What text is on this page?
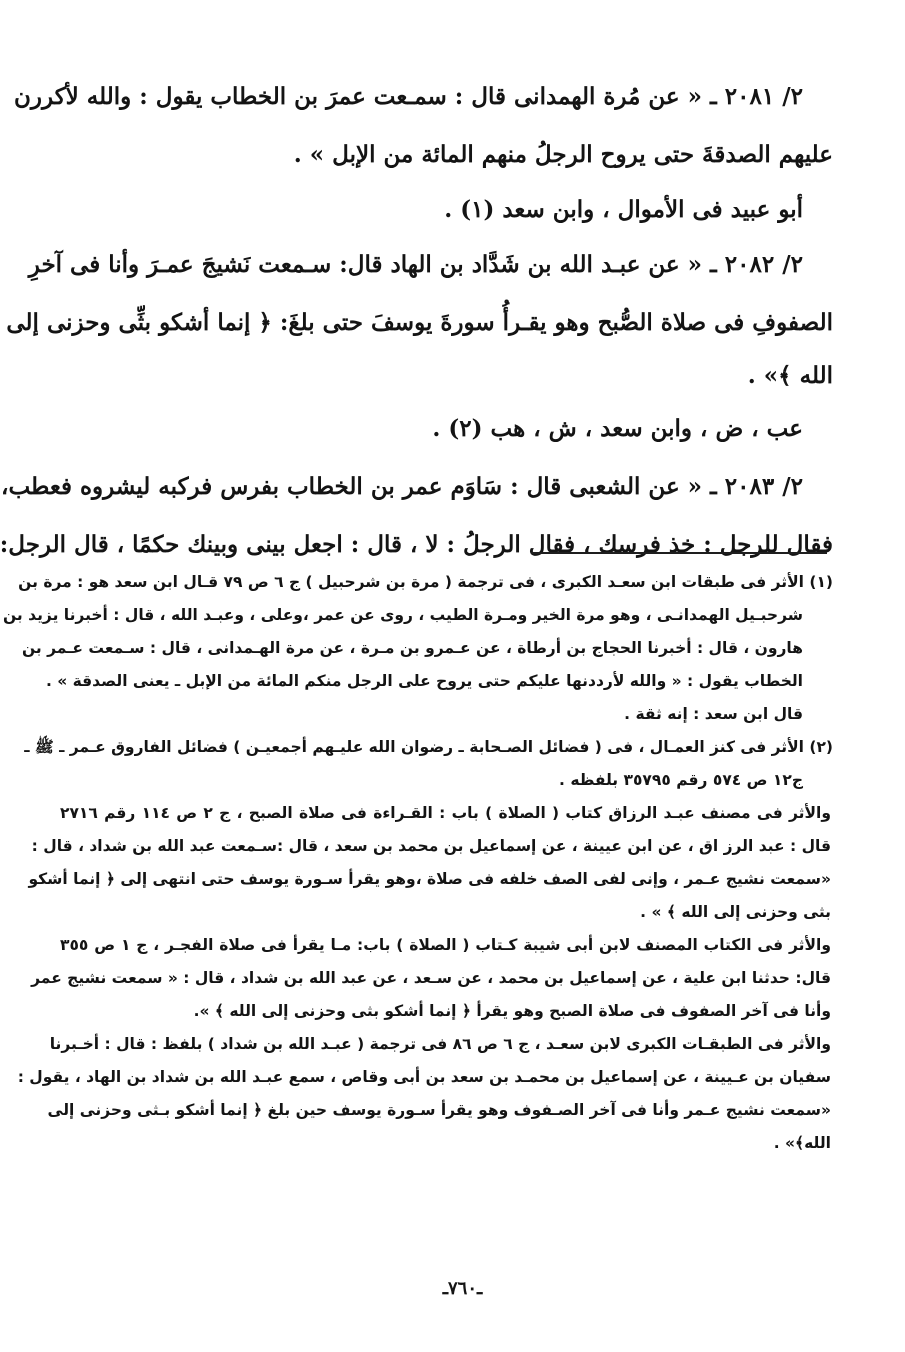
٢/ ٢٠٨١ ـ « عن مُرة الهمدانى قال : سمـعت عمرَ بن الخطاب يقول : والله لأكررن
عليهم الصدقةَ حتى يروح الرجلُ منهم المائة من الإبل » .
أبو عبيد فى الأموال ، وابن سعد (١) .
٢/ ٢٠٨٢ ـ « عن عبـد الله بن شَدَّاد بن الهاد قال: سـمعت نَشيجَ عمـرَ وأنا فى آخرِ
الصفوفِ فى صلاة الصُّبح وهو يقـرأُ سورةَ يوسفَ حتى بلغَ: ﴿ إنما أشكو بثِّى وحزنى إلى
الله ﴾» .
عب ، ض ، وابن سعد ، ش ، هب (٢) .
٢/ ٢٠٨٣ ـ « عن الشعبى قال : سَاوَم عمر بن الخطاب بفرس فركبه ليشروه فعطب،
فقال للرجل : خذ فرسك ، فقال الرجلُ : لا ، قال : اجعل بينى وبينك حكمًا ، قال الرجل:
(١) الأثر فى طبقات ابن سعـد الكبرى ، فى ترجمة ( مرة بن شرحبيل ) ج ٦ ص ٧٩ قـال ابن سعد هو : مرة بن
شرحبـيل الهمدانـى ، وهو مرة الخير ومـرة الطيب ، روى عن عمر ،وعلى ، وعبـد الله ، قال : أخبرنا يزيد بن
هارون ، قال : أخبرنا الحجاج بن أرطاة ، عن عـمرو بن مـرة ، عن مرة الهـمدانى ، قال : سـمعت عـمر بن
الخطاب يقول : « والله لأرددنها عليكم حتى يروح على الرجل منكم المائة من الإبل ـ يعنى الصدقة » .
قال ابن سعد : إنه ثقة .
(٢) الأثر فى كنز العمـال ، فى ( فضائل الصـحابة ـ رضوان الله عليـهم أجمعيـن ) فضائل الفاروق عـمر ـ ﷺ ـ
ج١٢ ص ٥٧٤ رقم ٣٥٧٩٥ بلفظه .
والأثر فى مصنف عبـد الرزاق كتاب ( الصلاة ) باب : القـراءة فى صلاة الصبح ، ج ٢ ص ١١٤ رقم ٢٧١٦
قال : عبد الرز اق ، عن ابن عيينة ، عن إسماعيل بن محمد بن سعد ، قال :سـمعت عبد الله بن شداد ، قال :
«سمعت نشيج عـمر ، وإنى لفى الصف خلفه فى صلاة ،وهو يقرأ سـورة يوسف حتى انتهى إلى ﴿ إنما أشكو
بثى وحزنى إلى الله ﴾ » .
والأثر فى الكتاب المصنف لابن أبى شيبة كـتاب ( الصلاة ) باب: مـا يقرأ فى صلاة الفجـر ، ج ١ ص ٣٥٥
قال: حدثنا ابن علية ، عن إسماعيل بن محمد ، عن سـعد ، عن عبد الله بن شداد ، قال : « سمعت نشيج عمر
وأنا فى آخر الصفوف فى صلاة الصبح وهو يقرأ ﴿ إنما أشكو بثى وحزنى إلى الله ﴾ ».
والأثر فى الطبقـات الكبرى لابن سعـد ، ج ٦ ص ٨٦ فى ترجمة ( عبـد الله بن شداد ) بلفظ : قال : أخـبرنا
سفيان بن عـيينة ، عن إسماعيل بن محمـد بن سعد بن أبى وقاص ، سمع عبـد الله بن شداد بن الهاد ، يقول :
«سمعت نشيج عـمر وأنا فى آخر الصـفوف وهو يقرأ سـورة يوسف حين بلغ ﴿ إنما أشكو بـثى وحزنى إلى
الله﴾» .
ـ٧٦٠ـ
